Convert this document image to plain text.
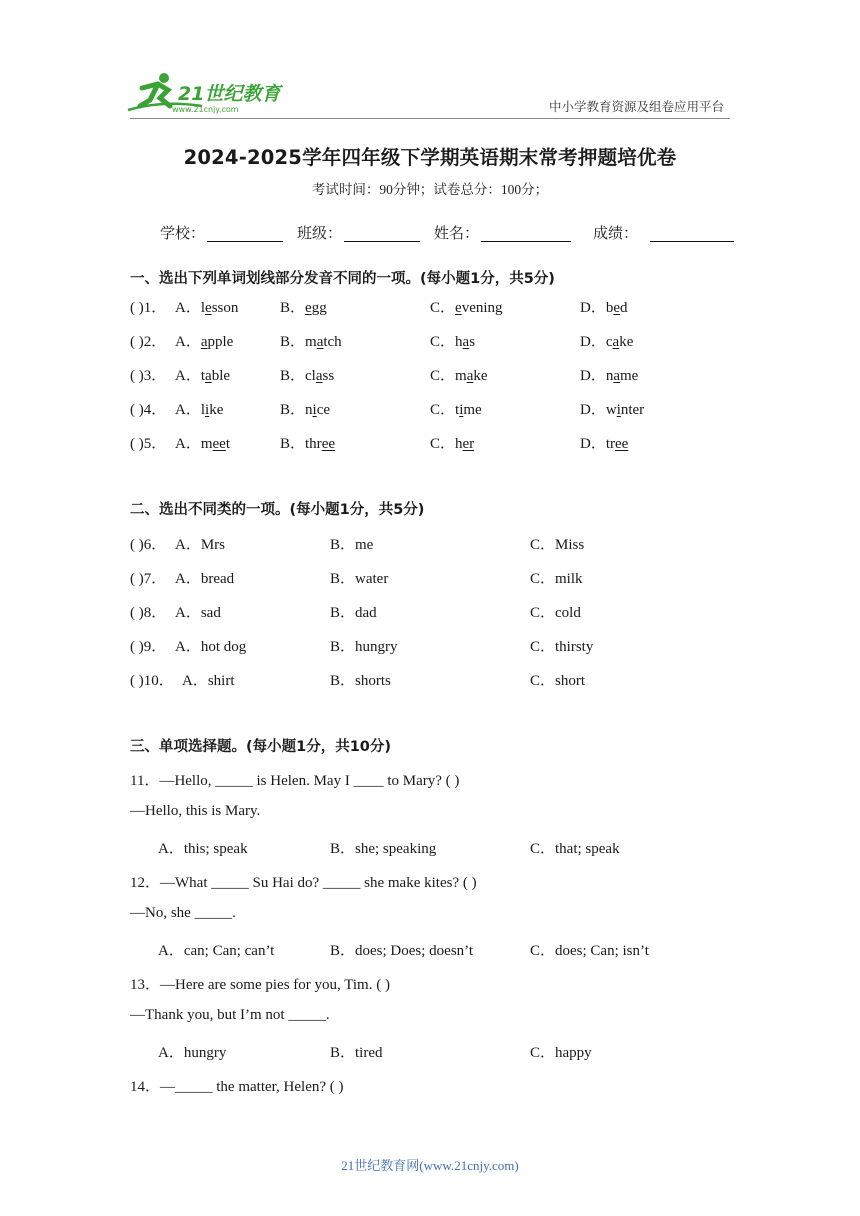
21世纪教育
www.21cnjy.com	中小学教育资源及组卷应用平台
2024-2025学年四年级下学期英语期末常考押题培优卷
考试时间：90分钟；试卷总分：100分；
学校：	班级：	姓名：	成绩：
一、选出下列单词划线部分发音不同的一项。(每小题1分，共5分)
( )1． A．lesson	B．egg	C．evening	D．bed
( )2． A．apple	B．match	C．has	D．cake
( )3． A．table	B．class	C．make	D．name
( )4． A．like	B．nice	C．time	D．winter
( )5． A．meet	B．three	C．her	D．tree
二、选出不同类的一项。(每小题1分，共5分)
( )6． A．Mrs	B．me	C．Miss
( )7． A．bread	B．water	C．milk
( )8． A．sad	B．dad	C．cold
( )9． A．hot dog	B．hungry	C．thirsty
( )10． A．shirt	B．shorts	C．short
三、单项选择题。(每小题1分，共10分)
11．—Hello, _____ is Helen. May I ____ to Mary? ( )
—Hello, this is Mary.
A．this; speak	B．she; speaking	C．that; speak
12．—What _____ Su Hai do? _____ she make kites? ( )
—No, she _____.
A．can; Can; can’t	B．does; Does; doesn’t	C．does; Can; isn’t
13．—Here are some pies for you, Tim. ( )
—Thank you, but I’m not _____.
A．hungry	B．tired	C．happy
14．—_____ the matter, Helen? ( )
21世纪教育网(www.21cnjy.com)
